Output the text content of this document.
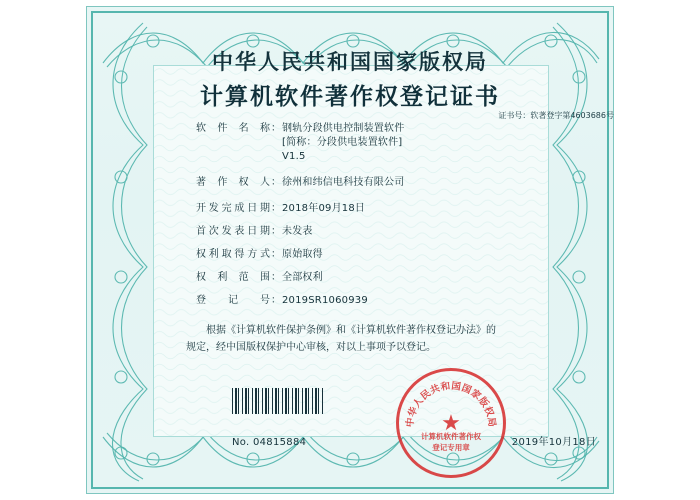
中华人民共和国国家版权局
计算机软件著作权登记证书
证书号：软著登字第4603686号
软件名称 ： 钢轨分段供电控制装置软件
[简称：分段供电装置软件]
V1.5
著作权人 ： 徐州和纬信电科技有限公司
开发完成日期 ： 2018年09月18日
首次发表日期 ： 未发表
权利取得方式 ： 原始取得
权利范围 ： 全部权利
登记号 ： 2019SR1060939
根据《计算机软件保护条例》和《计算机软件著作权登记办法》的
规定，经中国版权保护中心审核，对以上事项予以登记。
中华人民共和国国家版权局
★
计算机软件著作权
登记专用章
No. 04815884	2019年10月18日
